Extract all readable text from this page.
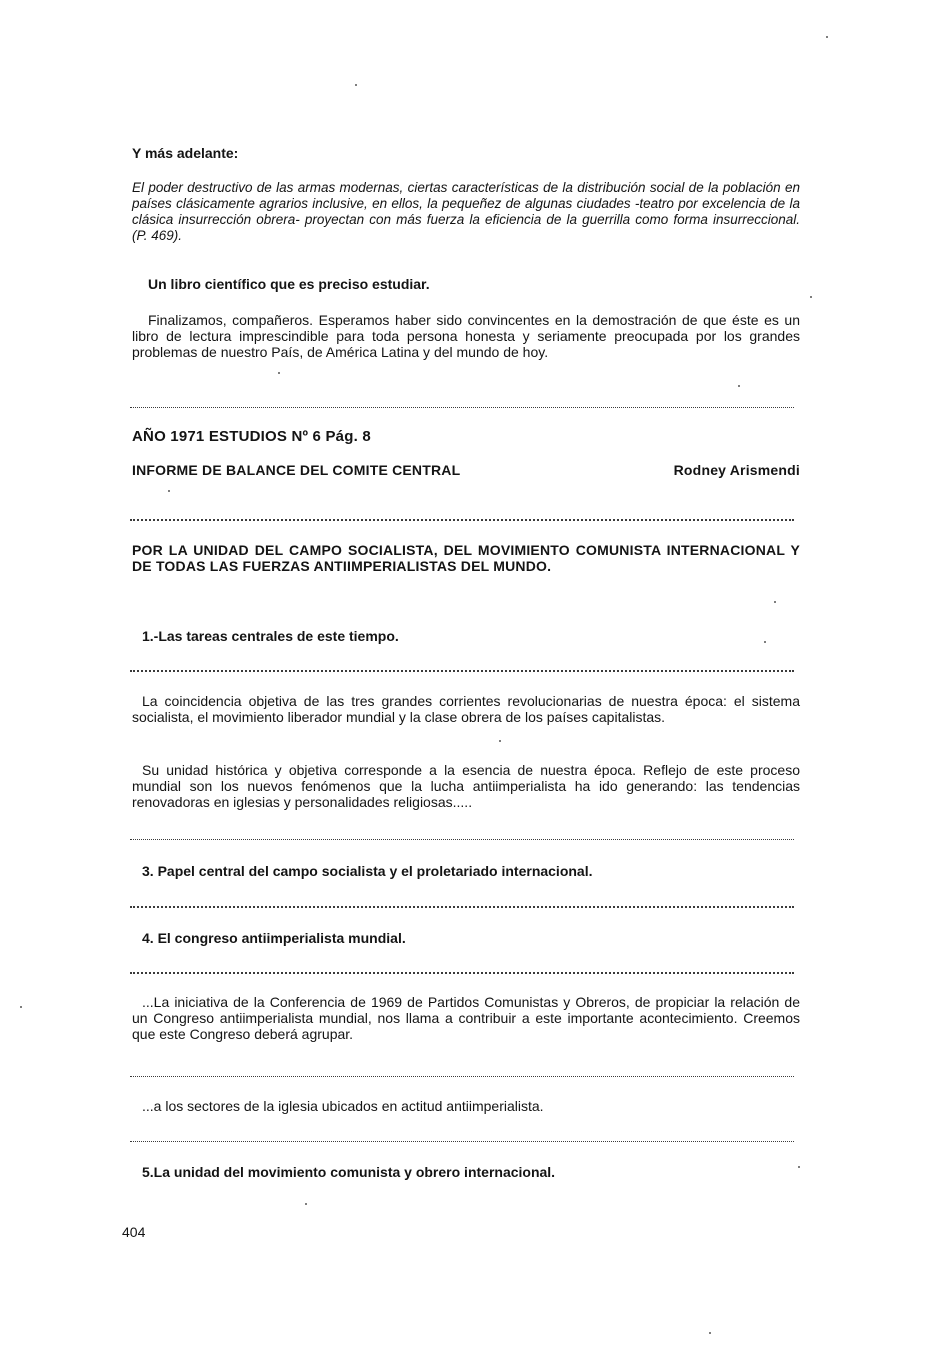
Y más adelante:

El poder destructivo de las armas modernas, ciertas características de la distribución social de la población en países clásicamente agrarios inclusive, en ellos, la pequeñez de algunas ciudades -teatro por excelencia de la clásica insurrección obrera- proyectan con más fuerza la eficiencia de la guerrilla como forma insurreccional. (P. 469).

Un libro científico que es preciso estudiar.

Finalizamos, compañeros. Esperamos haber sido convincentes en la demostración de que éste es un libro de lectura imprescindible para toda persona honesta y seriamente preocupada por los grandes problemas de nuestro País, de América Latina y del mundo de hoy.

AÑO 1971 ESTUDIOS Nº 6 Pág. 8

INFORME DE BALANCE DEL COMITE CENTRAL	Rodney Arismendi

POR LA UNIDAD DEL CAMPO SOCIALISTA, DEL MOVIMIENTO COMUNISTA INTERNACIONAL Y DE TODAS LAS FUERZAS ANTIIMPERIALISTAS DEL MUNDO.

1.-Las tareas centrales de este tiempo.

La coincidencia objetiva de las tres grandes corrientes revolucionarias de nuestra época: el sistema socialista, el movimiento liberador mundial y la clase obrera de los países capitalistas.

Su unidad histórica y objetiva corresponde a la esencia de nuestra época. Reflejo de este proceso mundial son los nuevos fenómenos que la lucha antiimperialista ha ido generando: las tendencias renovadoras en iglesias y personalidades religiosas.....

3. Papel central del campo socialista y el proletariado internacional.

4. El congreso antiimperialista mundial.

...La iniciativa de la Conferencia de 1969 de Partidos Comunistas y Obreros, de propiciar la relación de un Congreso antiimperialista mundial, nos llama a contribuir a este importante acontecimiento. Creemos que este Congreso deberá agrupar.

...a los sectores de la iglesia ubicados en actitud antiimperialista.

5.La unidad del movimiento comunista y obrero internacional.

404
